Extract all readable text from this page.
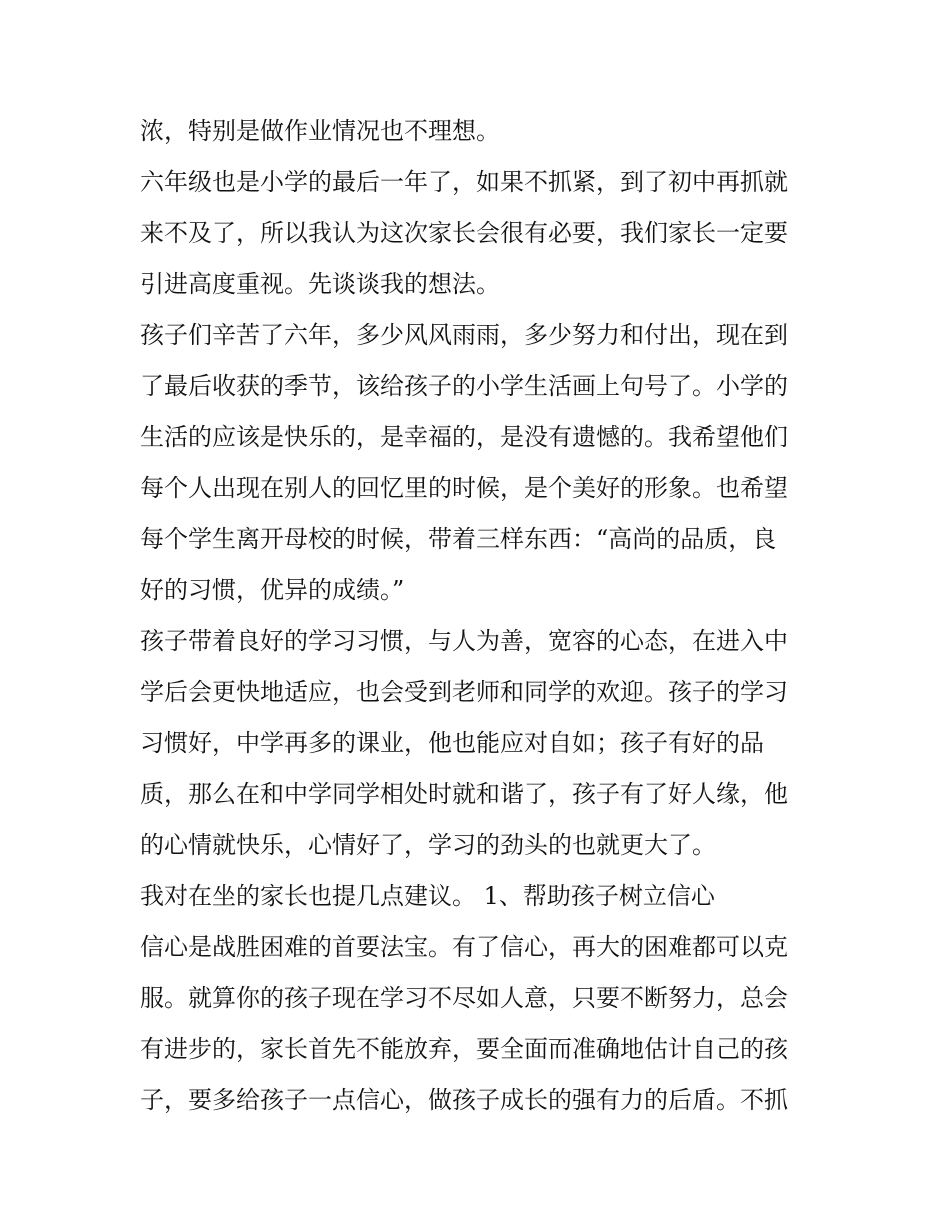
浓，特别是做作业情况也不理想。
六年级也是小学的最后一年了，如果不抓紧，到了初中再抓就
来不及了，所以我认为这次家长会很有必要，我们家长一定要
引进高度重视。先谈谈我的想法。
孩子们辛苦了六年，多少风风雨雨，多少努力和付出，现在到
了最后收获的季节，该给孩子的小学生活画上句号了。小学的
生活的应该是快乐的，是幸福的，是没有遗憾的。我希望他们
每个人出现在别人的回忆里的时候，是个美好的形象。也希望
每个学生离开母校的时候，带着三样东西：“高尚的品质，良
好的习惯，优异的成绩。”
孩子带着良好的学习习惯，与人为善，宽容的心态，在进入中
学后会更快地适应，也会受到老师和同学的欢迎。孩子的学习
习惯好，中学再多的课业，他也能应对自如；孩子有好的品
质，那么在和中学同学相处时就和谐了，孩子有了好人缘，他
的心情就快乐，心情好了，学习的劲头的也就更大了。
我对在坐的家长也提几点建议。 1、帮助孩子树立信心
信心是战胜困难的首要法宝。有了信心，再大的困难都可以克
服。就算你的孩子现在学习不尽如人意，只要不断努力，总会
有进步的，家长首先不能放弃，要全面而准确地估计自己的孩
子，要多给孩子一点信心，做孩子成长的强有力的后盾。不抓
